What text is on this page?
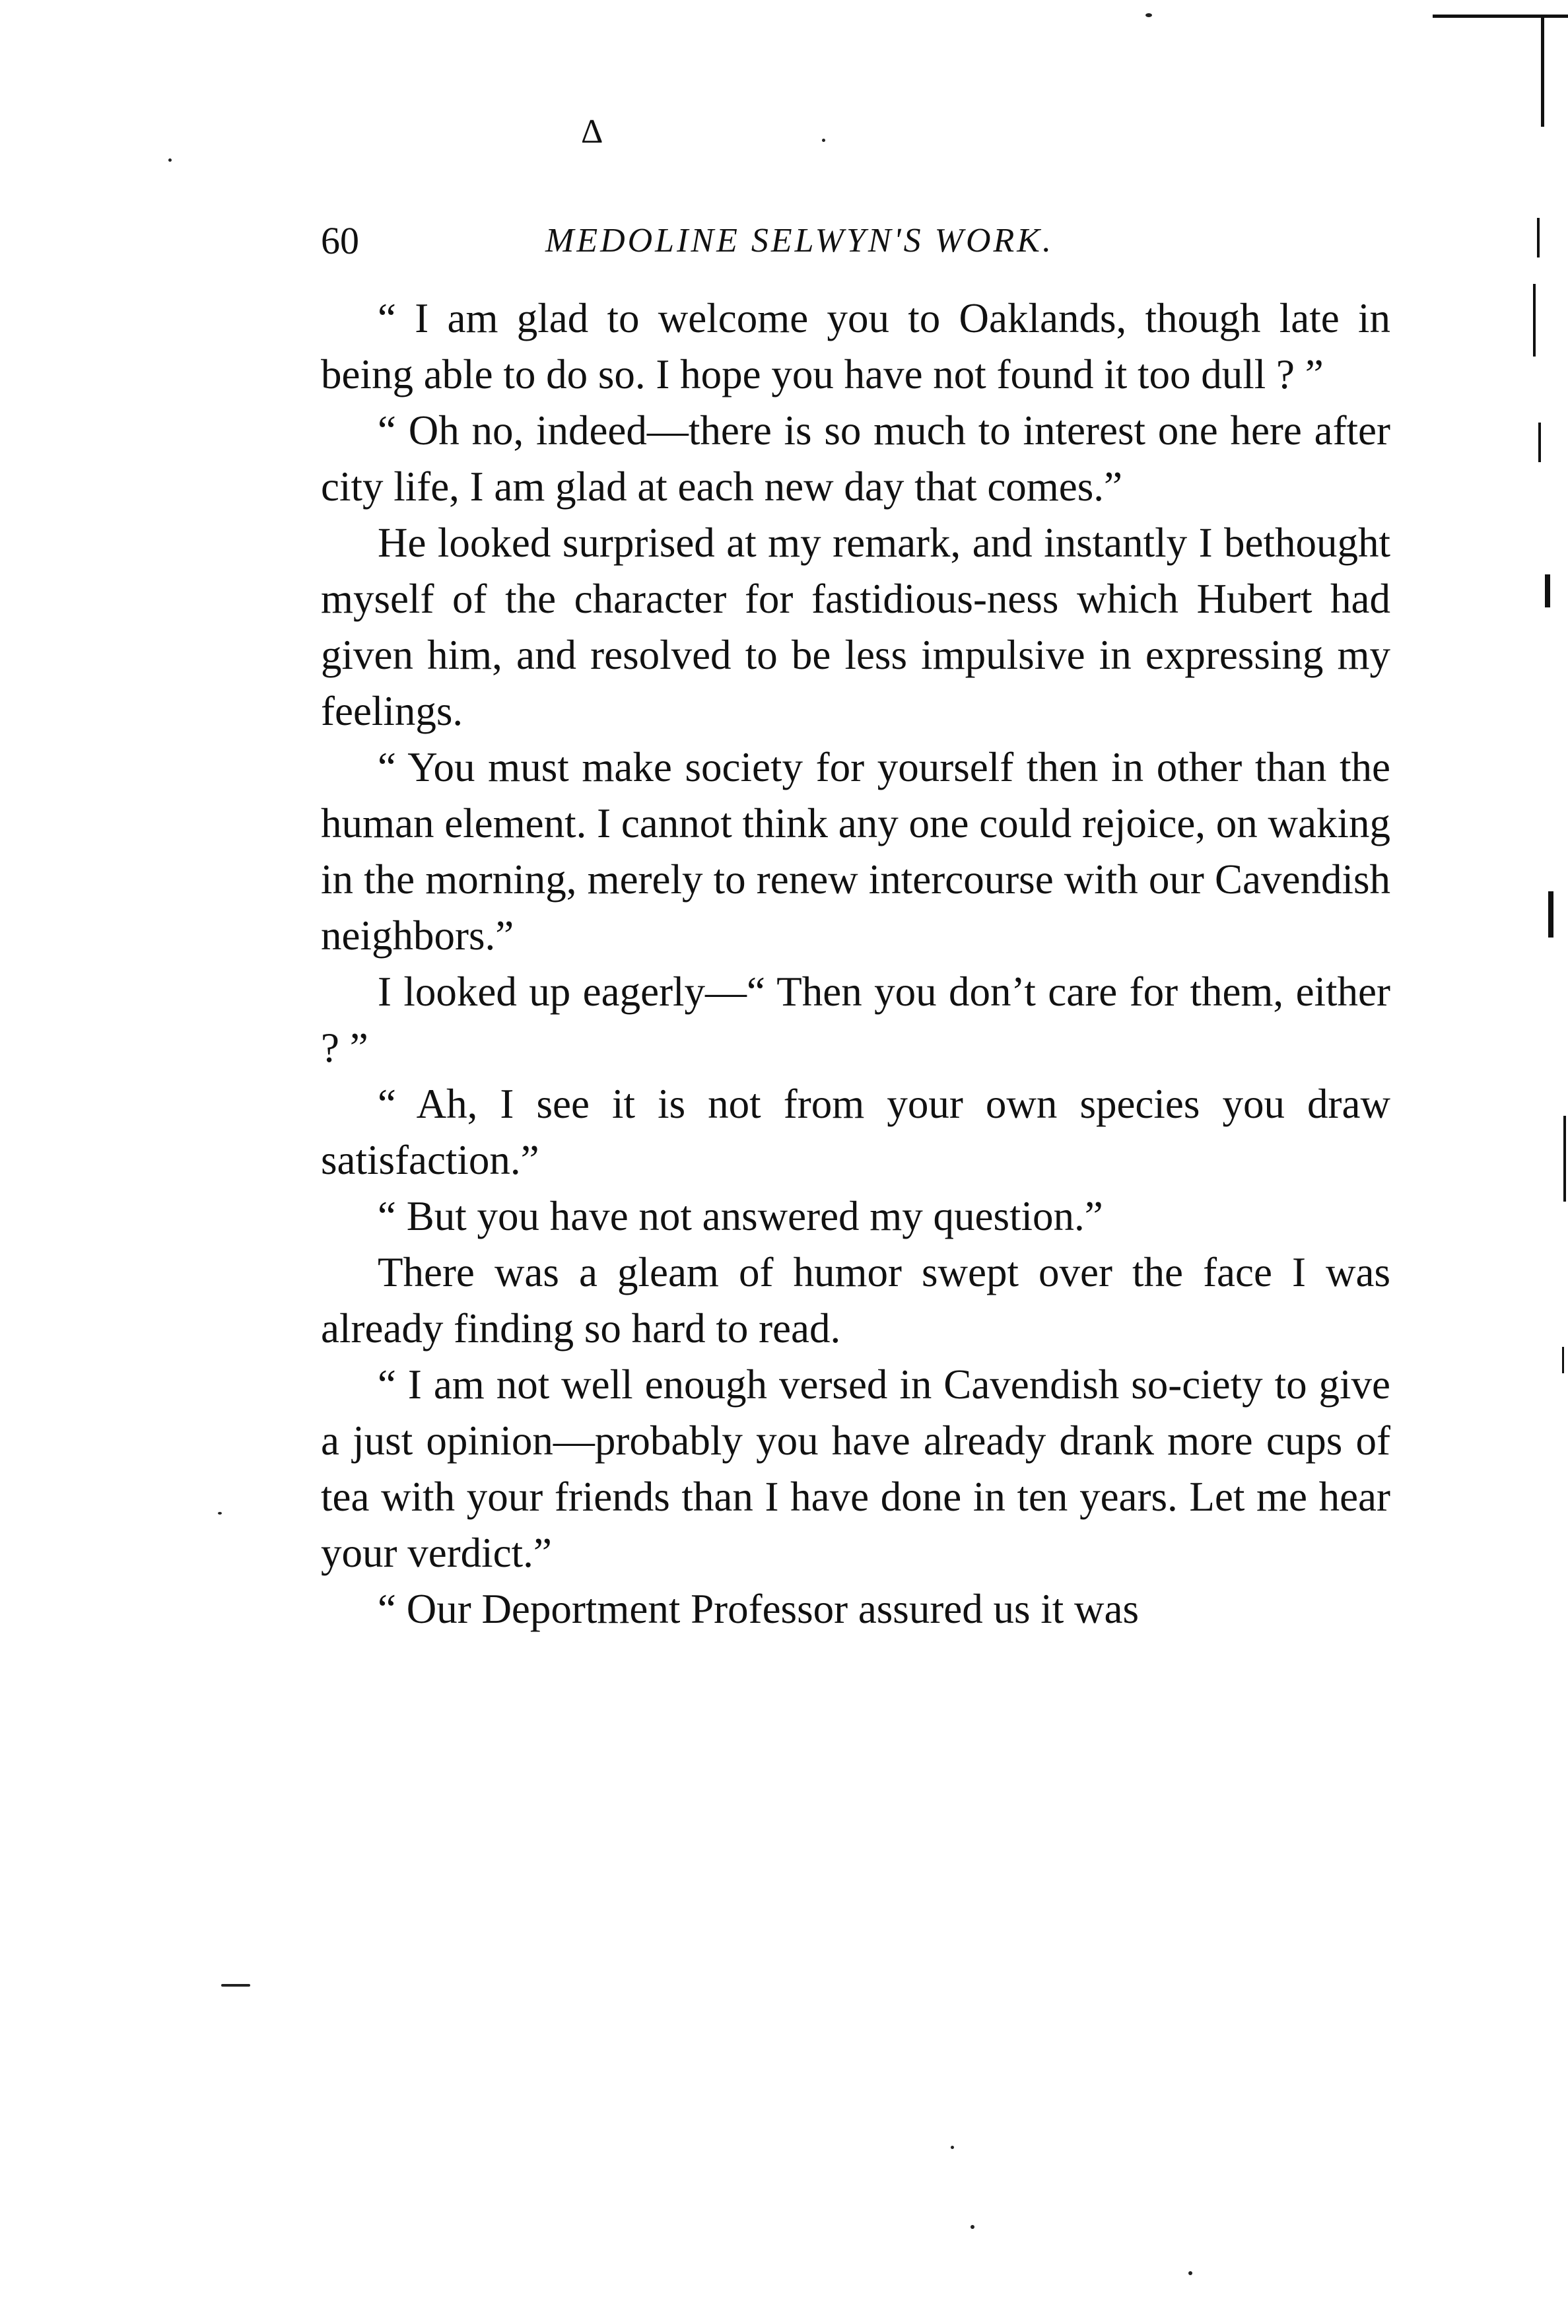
Δ
60	MEDOLINE SELWYN'S WORK.

“ I am glad to welcome you to Oaklands, though late in being able to do so. I hope you have not found it too dull ? ”

“ Oh no, indeed—there is so much to interest one here after city life, I am glad at each new day that comes.”

He looked surprised at my remark, and instantly I bethought myself of the character for fastidious-ness which Hubert had given him, and resolved to be less impulsive in expressing my feelings.

“ You must make society for yourself then in other than the human element. I cannot think any one could rejoice, on waking in the morning, merely to renew intercourse with our Cavendish neighbors.”

I looked up eagerly—“ Then you don’t care for them, either ? ”

“ Ah, I see it is not from your own species you draw satisfaction.”

“ But you have not answered my question.”

There was a gleam of humor swept over the face I was already finding so hard to read.

“ I am not well enough versed in Cavendish so-ciety to give a just opinion—probably you have already drank more cups of tea with your friends than I have done in ten years. Let me hear your verdict.”

“ Our Deportment Professor assured us it was
